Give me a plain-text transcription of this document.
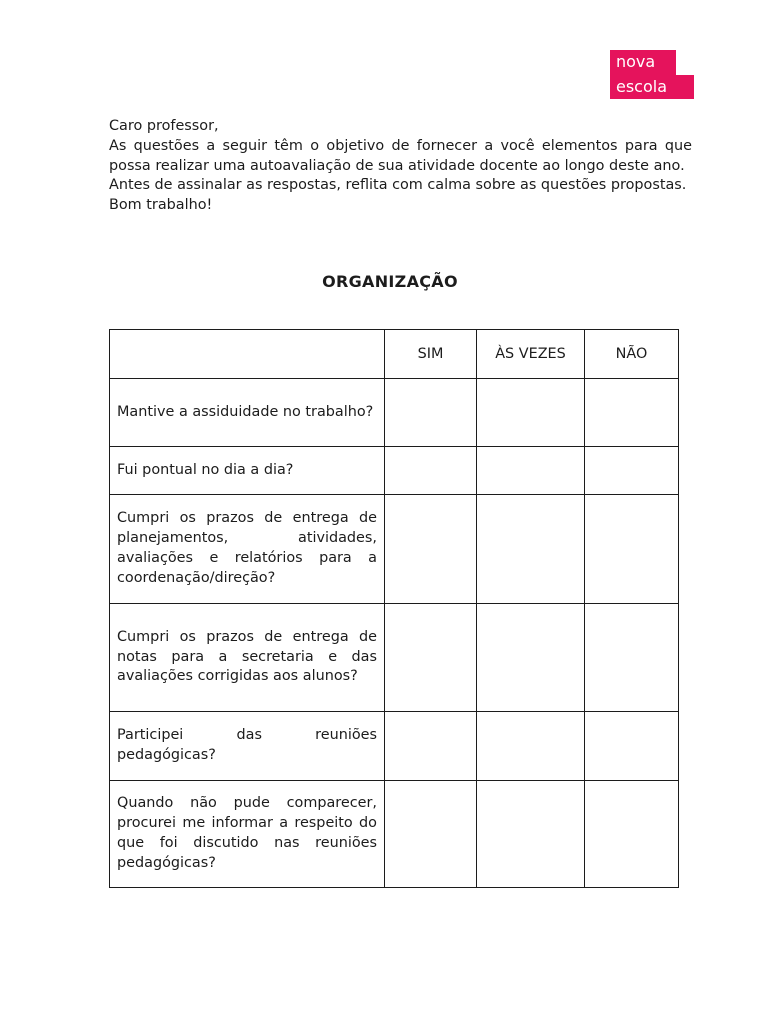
nova
escola

Caro professor,

As questões a seguir têm o objetivo de fornecer a você elementos para que possa realizar uma autoavaliação de sua atividade docente ao longo deste ano.

Antes de assinalar as respostas, reflita com calma sobre as questões propostas.

Bom trabalho!

ORGANIZAÇÃO
	SIM	ÀS VEZES	NÃO
Mantive a assiduidade no trabalho?			
Fui pontual no dia a dia?			
Cumpri os prazos de entrega de planejamentos, atividades, avaliações e relatórios para a coordenação/direção?			
Cumpri os prazos de entrega de notas para a secretaria e das avaliações corrigidas aos alunos?			
Participei das reuniões pedagógicas?			
Quando não pude comparecer, procurei me informar a respeito do que foi discutido nas reuniões pedagógicas?			
